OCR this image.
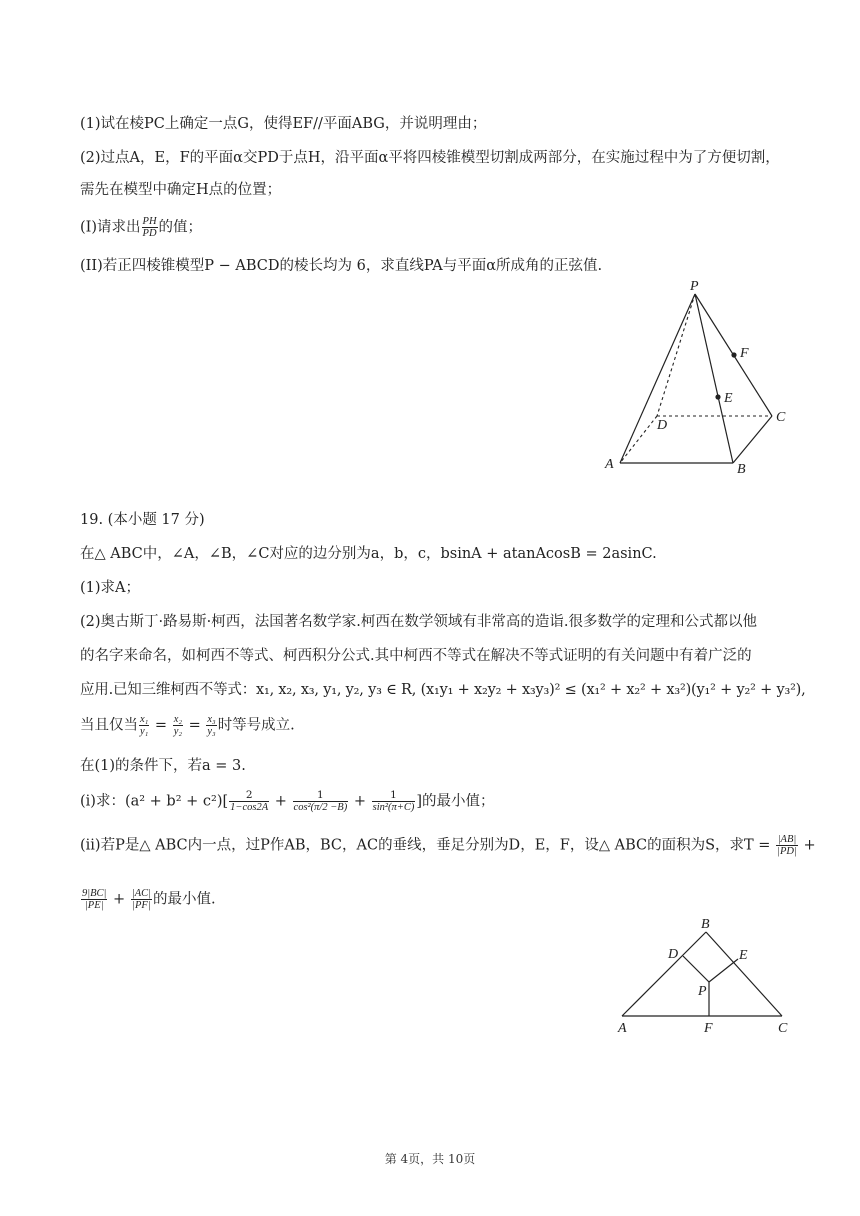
(1)试在棱PC上确定一点G，使得EF//平面ABG，并说明理由；
(2)过点A，E，F的平面α交PD于点H，沿平面α平将四棱锥模型切割成两部分，在实施过程中为了方便切割，
需先在模型中确定H点的位置；
(I)请求出 $\frac{PH}{PD}$ 的值；
(II)若正四棱锥模型P − ABCD的棱长均为 6，求直线PA与平面α所成角的正弦值.
P
F
E
C
D
A	B
19. (本小题 17 分)
在△ ABC中，∠A，∠B，∠C对应的边分别为a，b，c，bsinA + atanAcosB = 2asinC.
(1)求A；
(2)奥古斯丁·路易斯·柯西，法国著名数学家.柯西在数学领域有非常高的造诣.很多数学的定理和公式都以他
的名字来命名，如柯西不等式、柯西积分公式.其中柯西不等式在解决不等式证明的有关问题中有着广泛的
应用.已知三维柯西不等式：x₁, x₂, x₃, y₁, y₂, y₃ ∈ R, (x₁y₁ + x₂y₂ + x₃y₃)² ≤ (x₁² + x₂² + x₃²)(y₁² + y₂² + y₃²),
当且仅当 $\frac{\text{x₁}}{\text{y₁}} = \frac{\text{x₂}}{\text{y₂}} = \frac{\text{x₃}}{\text{y₃}}$ 时等号成立.
在(1)的条件下，若a = 3.
(i)求：$(a^2 + b^2 + c^2)[ \frac{2}{1-\cos 2A} + \frac{1}{\text{cos²(π/2 −B)}} + \frac{1}{\text{sin²(π+C)}}$ ]的最小值；
(ii)若P是△ ABC内一点，过P作AB，BC，AC的垂线，垂足分别为D，E，F，设△ ABC的面积为S，求$T = \frac{|AB|}{|PD|}$ +
$\frac{9|BC|}{|PE|} + \frac{|AC|}{|PF|}$ 的最小值.
B
D	E
P
A	F	C
第 4页，共 10页
